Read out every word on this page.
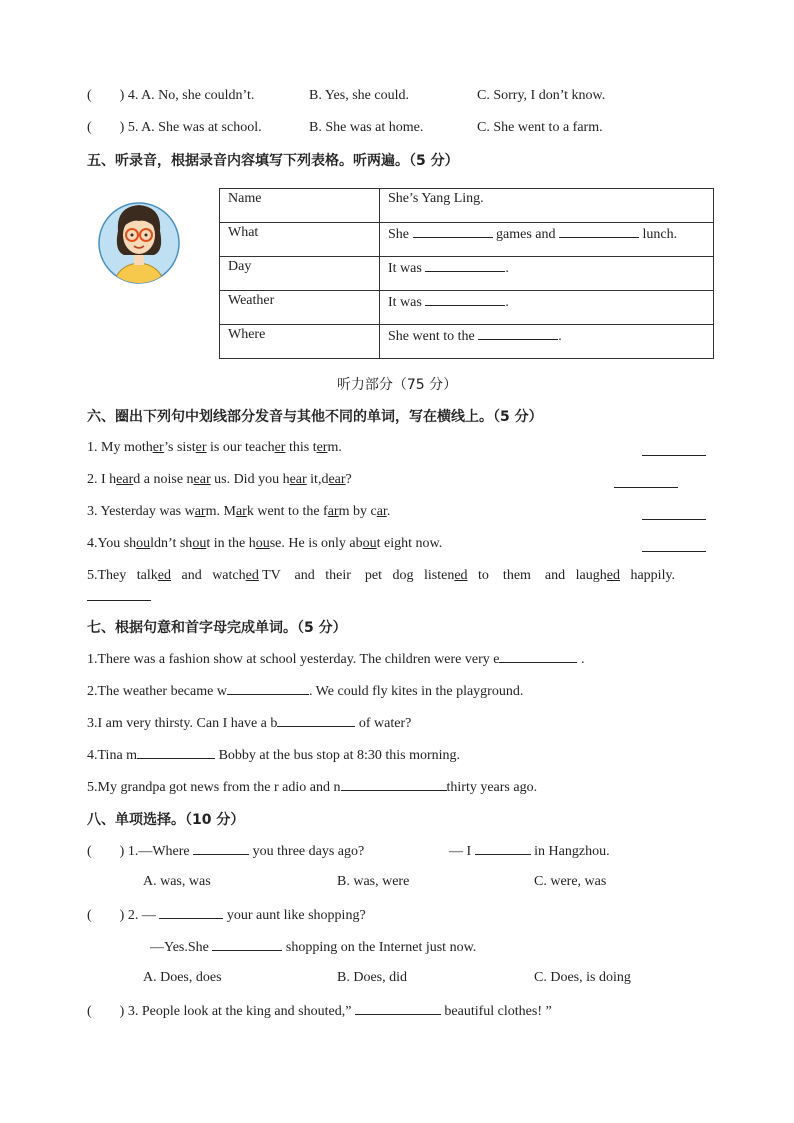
( ) 4. A. No, she couldn’t.	B. Yes, she could.	C. Sorry, I don’t know.
( ) 5. A. She was at school.	B. She was at home.	C. She went to a farm.
五、听录音，根据录音内容填写下列表格。听两遍。（5 分）
Name	She’s Yang Ling.
What	She games and lunch.
Day	It was .
Weather	It was .
Where	She went to the .
听力部分（75 分）
六、圈出下列句中划线部分发音与其他不同的单词，写在横线上。（5 分）
1. My mother’s sister is our teacher this term.
2. I heard a noise near us. Did you hear it,dear?
3. Yesterday was warm. Mark went to the farm by car.
4.You shouldn’t shout in the house. He is only about eight now.
5.They   talked   and   watched TV    and   their    pet   dog   listened   to    them    and   laughed   happily.
七、根据句意和首字母完成单词。（5 分）
1.There was a fashion show at school yesterday. The children were very e	.
2.The weather became w	. We could fly kites in the playground.
3.I am very thirsty. Can I have a b	of water?
4.Tina m	Bobby at the bus stop at 8:30 this morning.
5.My grandpa got news from the r adio and n	thirty years ago.
八、单项选择。（10 分）
( ) 1.—Where	you three days ago?	— I	in Hangzhou.
A. was, was	B. was, were	C. were, was
( ) 2. —	your aunt like shopping?
—Yes.She	shopping on the Internet just now.
A. Does, does	B. Does, did	C. Does, is doing
( ) 3. People look at the king and shouted,”	beautiful clothes! ”
